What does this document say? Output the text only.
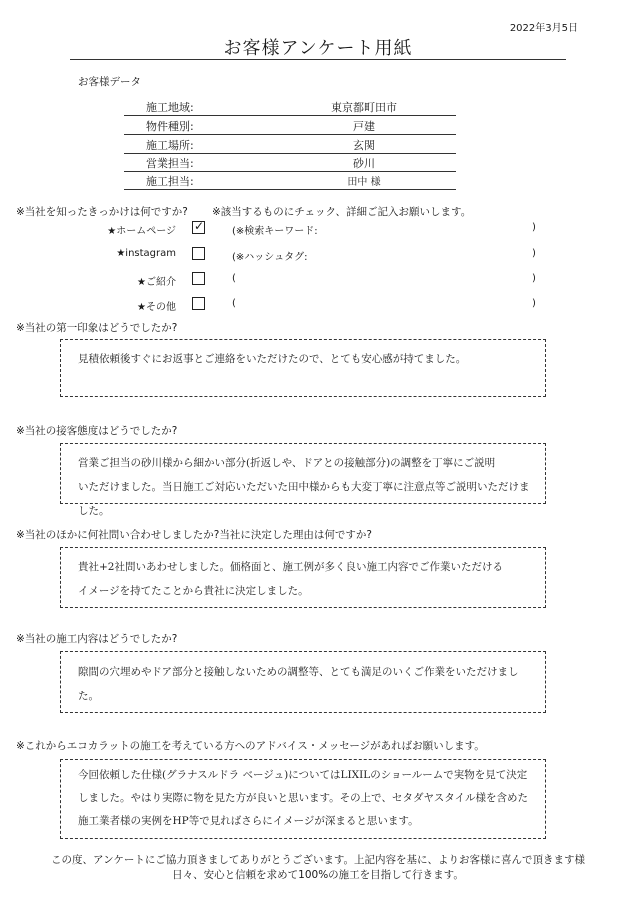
2022年3月5日
お客様アンケート用紙
お客様データ
施工地域:	東京都町田市
物件種別:	戸建
施工場所:	玄関
営業担当:	砂川
施工担当:	田中 様
※当社を知ったきっかけは何ですか? ※該当するものにチェック、詳細ご記入お願いします。
★ホームページ ✓	(※検索キーワード:	)
★instagram	(※ハッシュタグ:	)
★ご紹介	(	)
★その他	(	)
※当社の第一印象はどうでしたか?
見積依頼後すぐにお返事とご連絡をいただけたので、とても安心感が持てました。
※当社の接客態度はどうでしたか?
営業ご担当の砂川様から細かい部分(折返しや、ドアとの接触部分)の調整を丁寧にご説明
いただけました。当日施工ご対応いただいた田中様からも大変丁寧に注意点等ご説明いただけました。
※当社のほかに何社問い合わせしましたか?当社に決定した理由は何ですか?
貴社+2社問いあわせしました。価格面と、施工例が多く良い施工内容でご作業いただける
イメージを持てたことから貴社に決定しました。
※当社の施工内容はどうでしたか?
隙間の穴埋めやドア部分と接触しないための調整等、とても満足のいくご作業をいただけました。
※これからエコカラットの施工を考えている方へのアドバイス・メッセージがあればお願いします。
今回依頼した仕様(グラナスルドラ ベージュ)についてはLIXILのショールームで実物を見て決定
しました。やはり実際に物を見た方が良いと思います。その上で、セタダヤスタイル様を含めた
施工業者様の実例をHP等で見ればさらにイメージが深まると思います。
この度、アンケートにご協力頂きましてありがとうございます。上記内容を基に、よりお客様に喜んで頂きます様
日々、安心と信頼を求めて100%の施工を目指して行きます。
